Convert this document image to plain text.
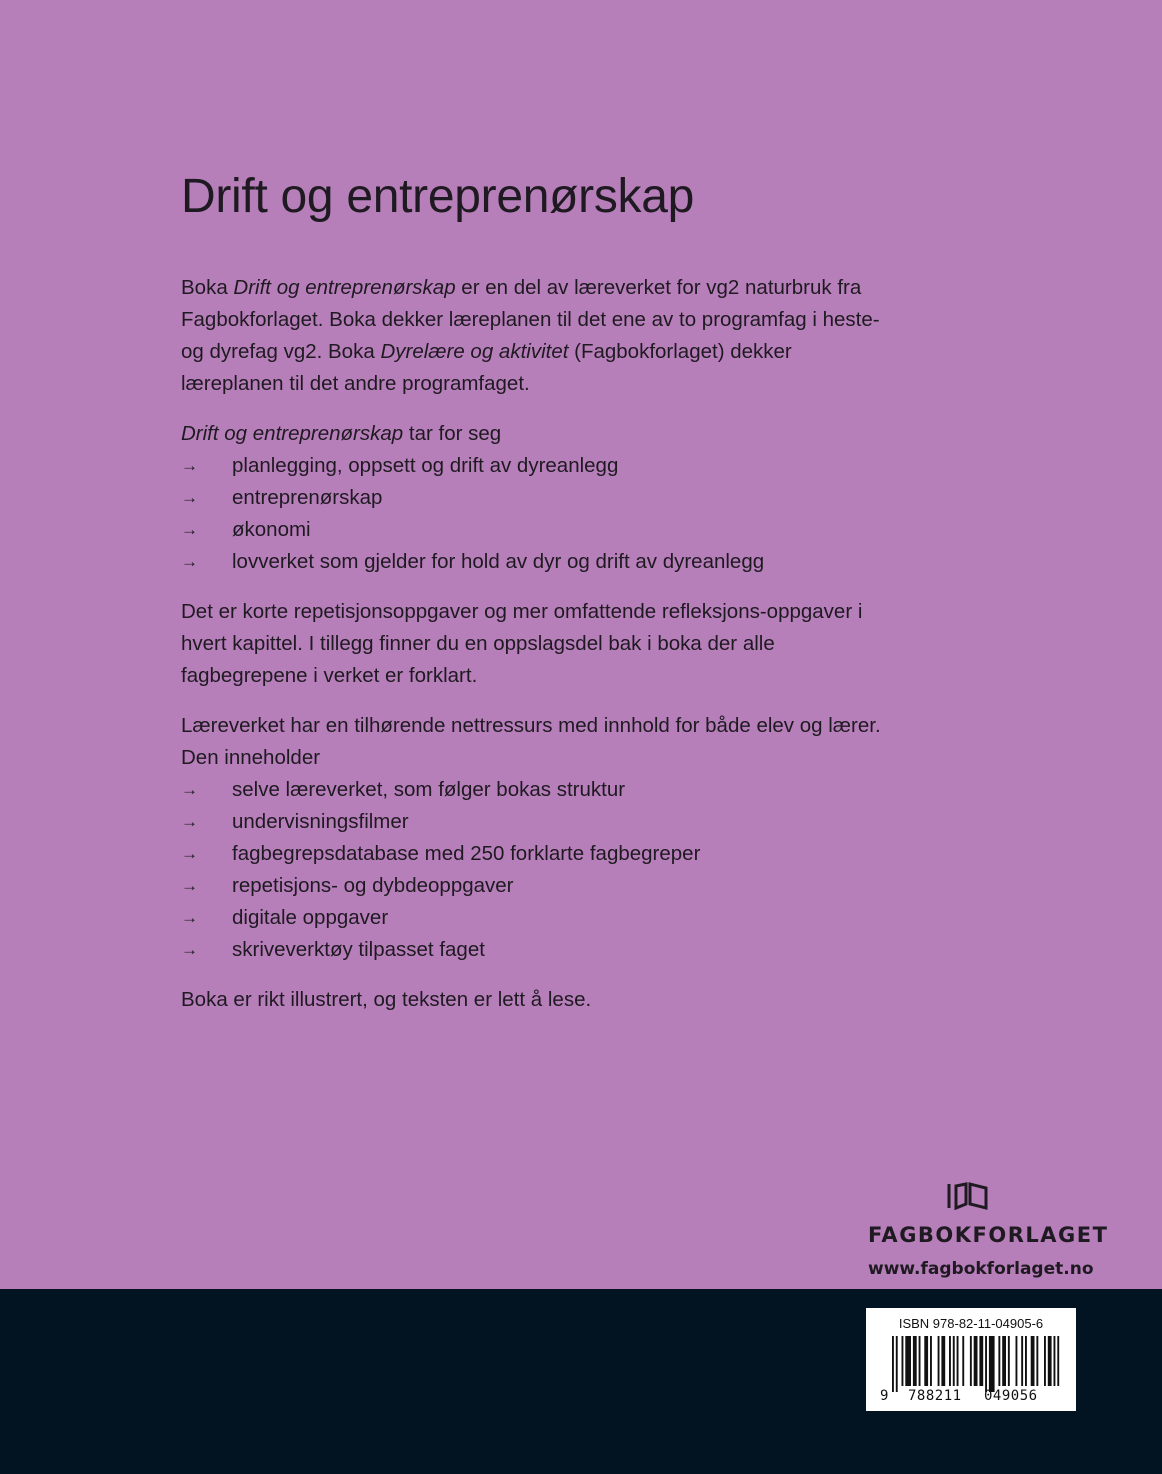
Drift og entreprenørskap

Boka Drift og entreprenørskap er en del av læreverket for vg2 naturbruk fra Fagbokforlaget. Boka dekker læreplanen til det ene av to programfag i heste- og dyrefag vg2. Boka Dyrelære og aktivitet (Fagbokforlaget) dekker læreplanen til det andre programfaget.

Drift og entreprenørskap tar for seg

→ planlegging, oppsett og drift av dyreanlegg
→ entreprenørskap
→ økonomi
→ lovverket som gjelder for hold av dyr og drift av dyreanlegg

Det er korte repetisjonsoppgaver og mer omfattende refleksjons-oppgaver i hvert kapittel. I tillegg finner du en oppslagsdel bak i boka der alle fagbegrepene i verket er forklart.

Læreverket har en tilhørende nettressurs med innhold for både elev og lærer. Den inneholder

→ selve læreverket, som følger bokas struktur
→ undervisningsfilmer
→ fagbegrepsdatabase med 250 forklarte fagbegreper
→ repetisjons- og dybdeoppgaver
→ digitale oppgaver
→ skriveverktøy tilpasset faget

Boka er rikt illustrert, og teksten er lett å lese.

FAGBOKFORLAGET
www.fagbokforlaget.no
ISBN 978-82-11-04905-6
9 788211 049056
